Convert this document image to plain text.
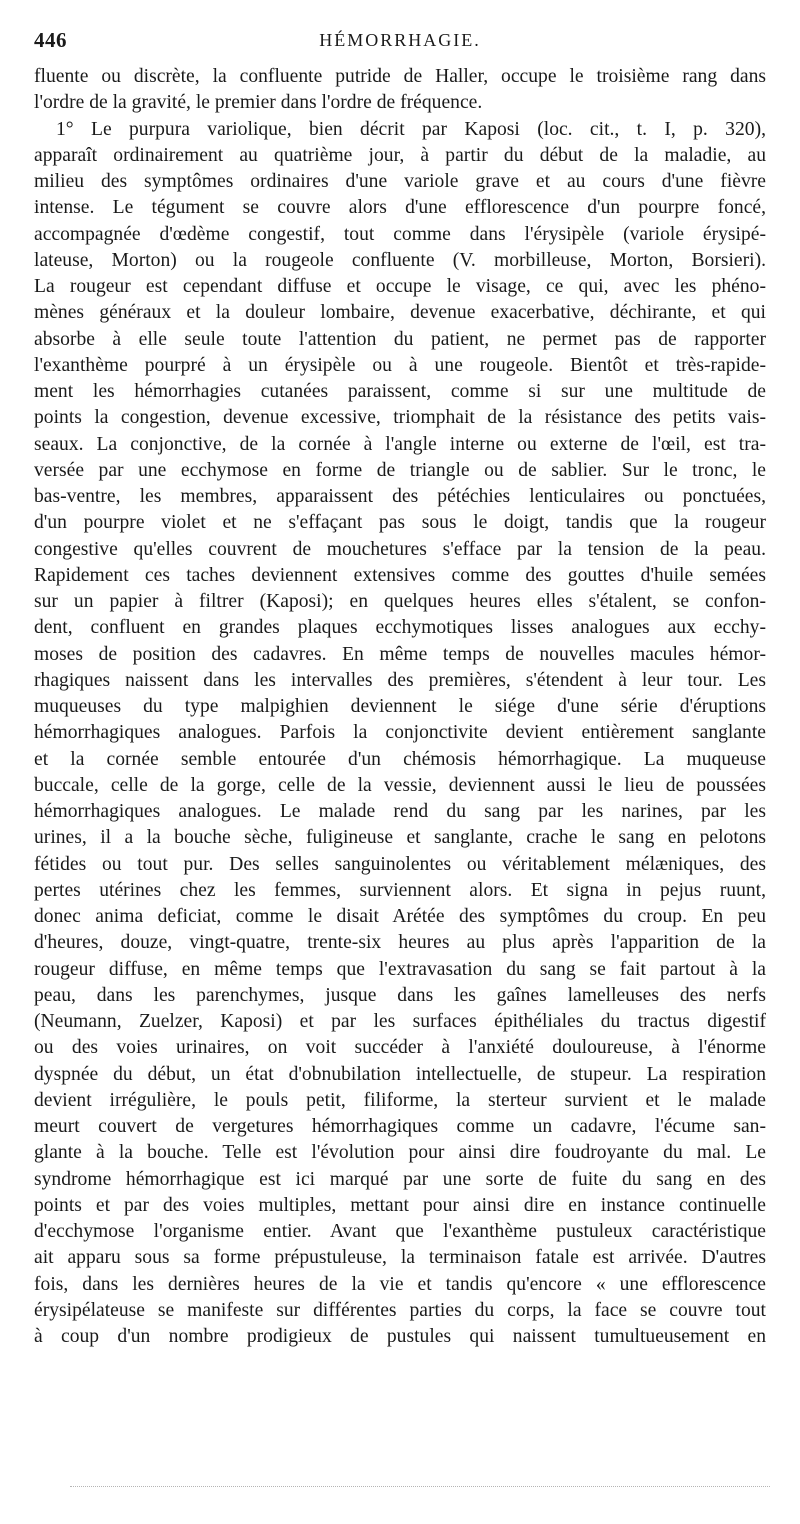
446	HÉMORRHAGIE.
fluente ou discrète, la confluente putride de Haller, occupe le troisième rang dans
l'ordre de la gravité, le premier dans l'ordre de fréquence.
1° Le purpura variolique, bien décrit par Kaposi (loc. cit., t. I, p. 320),
apparaît ordinairement au quatrième jour, à partir du début de la maladie, au
milieu des symptômes ordinaires d'une variole grave et au cours d'une fièvre
intense. Le tégument se couvre alors d'une efflorescence d'un pourpre foncé,
accompagnée d'œdème congestif, tout comme dans l'érysipèle (variole érysipé-
lateuse, Morton) ou la rougeole confluente (V. morbilleuse, Morton, Borsieri).
La rougeur est cependant diffuse et occupe le visage, ce qui, avec les phéno-
mènes généraux et la douleur lombaire, devenue exacerbative, déchirante, et qui
absorbe à elle seule toute l'attention du patient, ne permet pas de rapporter
l'exanthème pourpré à un érysipèle ou à une rougeole. Bientôt et très-rapide-
ment les hémorrhagies cutanées paraissent, comme si sur une multitude de
points la congestion, devenue excessive, triomphait de la résistance des petits vais-
seaux. La conjonctive, de la cornée à l'angle interne ou externe de l'œil, est tra-
versée par une ecchymose en forme de triangle ou de sablier. Sur le tronc, le
bas-ventre, les membres, apparaissent des pétéchies lenticulaires ou ponctuées,
d'un pourpre violet et ne s'effaçant pas sous le doigt, tandis que la rougeur
congestive qu'elles couvrent de mouchetures s'efface par la tension de la peau.
Rapidement ces taches deviennent extensives comme des gouttes d'huile semées
sur un papier à filtrer (Kaposi); en quelques heures elles s'étalent, se confon-
dent, confluent en grandes plaques ecchymotiques lisses analogues aux ecchy-
moses de position des cadavres. En même temps de nouvelles macules hémor-
rhagiques naissent dans les intervalles des premières, s'étendent à leur tour. Les
muqueuses du type malpighien deviennent le siége d'une série d'éruptions
hémorrhagiques analogues. Parfois la conjonctivite devient entièrement sanglante
et la cornée semble entourée d'un chémosis hémorrhagique. La muqueuse
buccale, celle de la gorge, celle de la vessie, deviennent aussi le lieu de poussées
hémorrhagiques analogues. Le malade rend du sang par les narines, par les
urines, il a la bouche sèche, fuligineuse et sanglante, crache le sang en pelotons
fétides ou tout pur. Des selles sanguinolentes ou véritablement mélæniques, des
pertes utérines chez les femmes, surviennent alors. Et signa in pejus ruunt,
donec anima deficiat, comme le disait Arétée des symptômes du croup. En peu
d'heures, douze, vingt-quatre, trente-six heures au plus après l'apparition de la
rougeur diffuse, en même temps que l'extravasation du sang se fait partout à la
peau, dans les parenchymes, jusque dans les gaînes lamelleuses des nerfs
(Neumann, Zuelzer, Kaposi) et par les surfaces épithéliales du tractus digestif
ou des voies urinaires, on voit succéder à l'anxiété douloureuse, à l'énorme
dyspnée du début, un état d'obnubilation intellectuelle, de stupeur. La respiration
devient irrégulière, le pouls petit, filiforme, la sterteur survient et le malade
meurt couvert de vergetures hémorrhagiques comme un cadavre, l'écume san-
glante à la bouche. Telle est l'évolution pour ainsi dire foudroyante du mal. Le
syndrome hémorrhagique est ici marqué par une sorte de fuite du sang en des
points et par des voies multiples, mettant pour ainsi dire en instance continuelle
d'ecchymose l'organisme entier. Avant que l'exanthème pustuleux caractéristique
ait apparu sous sa forme prépustuleuse, la terminaison fatale est arrivée. D'autres
fois, dans les dernières heures de la vie et tandis qu'encore « une efflorescence
érysipélateuse se manifeste sur différentes parties du corps, la face se couvre tout
à coup d'un nombre prodigieux de pustules qui naissent tumultueusement en
